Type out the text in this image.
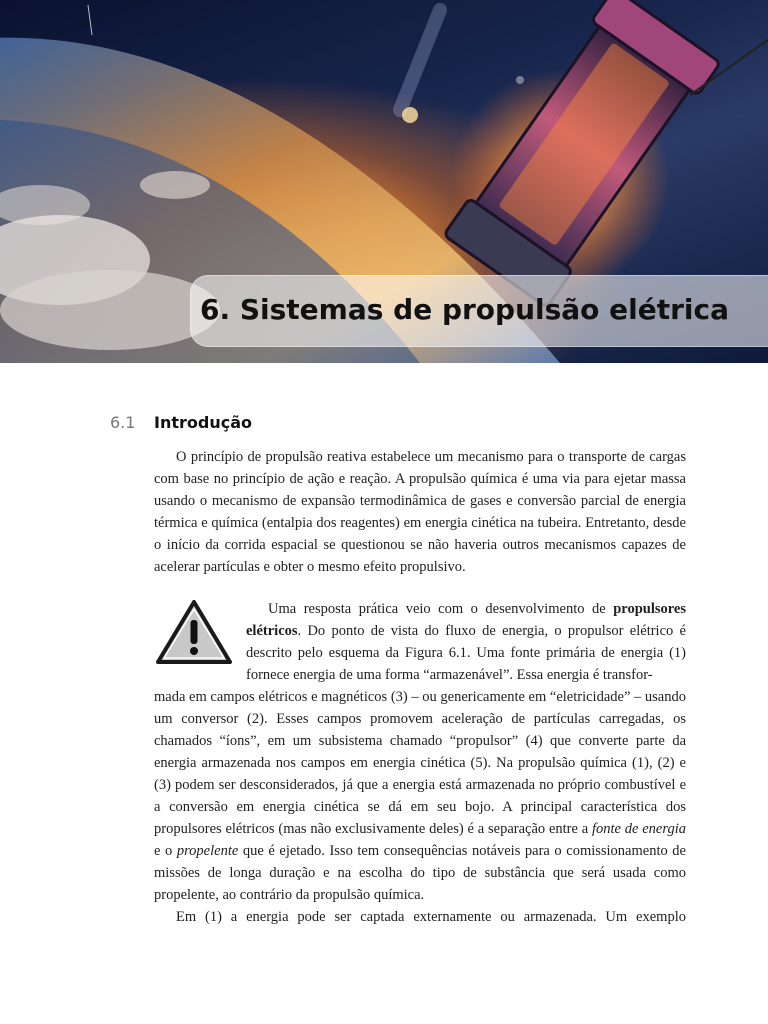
6. Sistemas de propulsão elétrica
6.1 Introdução

O princípio de propulsão reativa estabelece um mecanismo para o transporte de cargas com base no princípio de ação e reação. A propulsão química é uma via para ejetar massa usando o mecanismo de expansão termodinâmica de gases e conversão parcial de energia térmica e química (entalpia dos reagentes) em energia cinética na tubeira. Entretanto, desde o início da corrida espacial se questionou se não haveria outros mecanismos capazes de acelerar partículas e obter o mesmo efeito propulsivo.

Uma resposta prática veio com o desenvolvimento de propulsores elétricos. Do ponto de vista do fluxo de energia, o propulsor elétrico é descrito pelo esquema da Figura 6.1. Uma fonte primária de energia (1) fornece energia de uma forma “armazenável”. Essa energia é transfor-

mada em campos elétricos e magnéticos (3) – ou genericamente em “eletricidade” – usando um conversor (2). Esses campos promovem aceleração de partículas carregadas, os chamados “íons”, em um subsistema chamado “propulsor” (4) que converte parte da energia armazenada nos campos em energia cinética (5). Na propulsão química (1), (2) e (3) podem ser desconsiderados, já que a energia está armazenada no próprio combustível e a conversão em energia cinética se dá em seu bojo. A principal característica dos propulsores elétricos (mas não exclusivamente deles) é a separação entre a fonte de energia e o propelente que é ejetado. Isso tem consequências notáveis para o comissionamento de missões de longa duração e na escolha do tipo de substância que será usada como propelente, ao contrário da propulsão química.

Em (1) a energia pode ser captada externamente ou armazenada. Um exemplo
